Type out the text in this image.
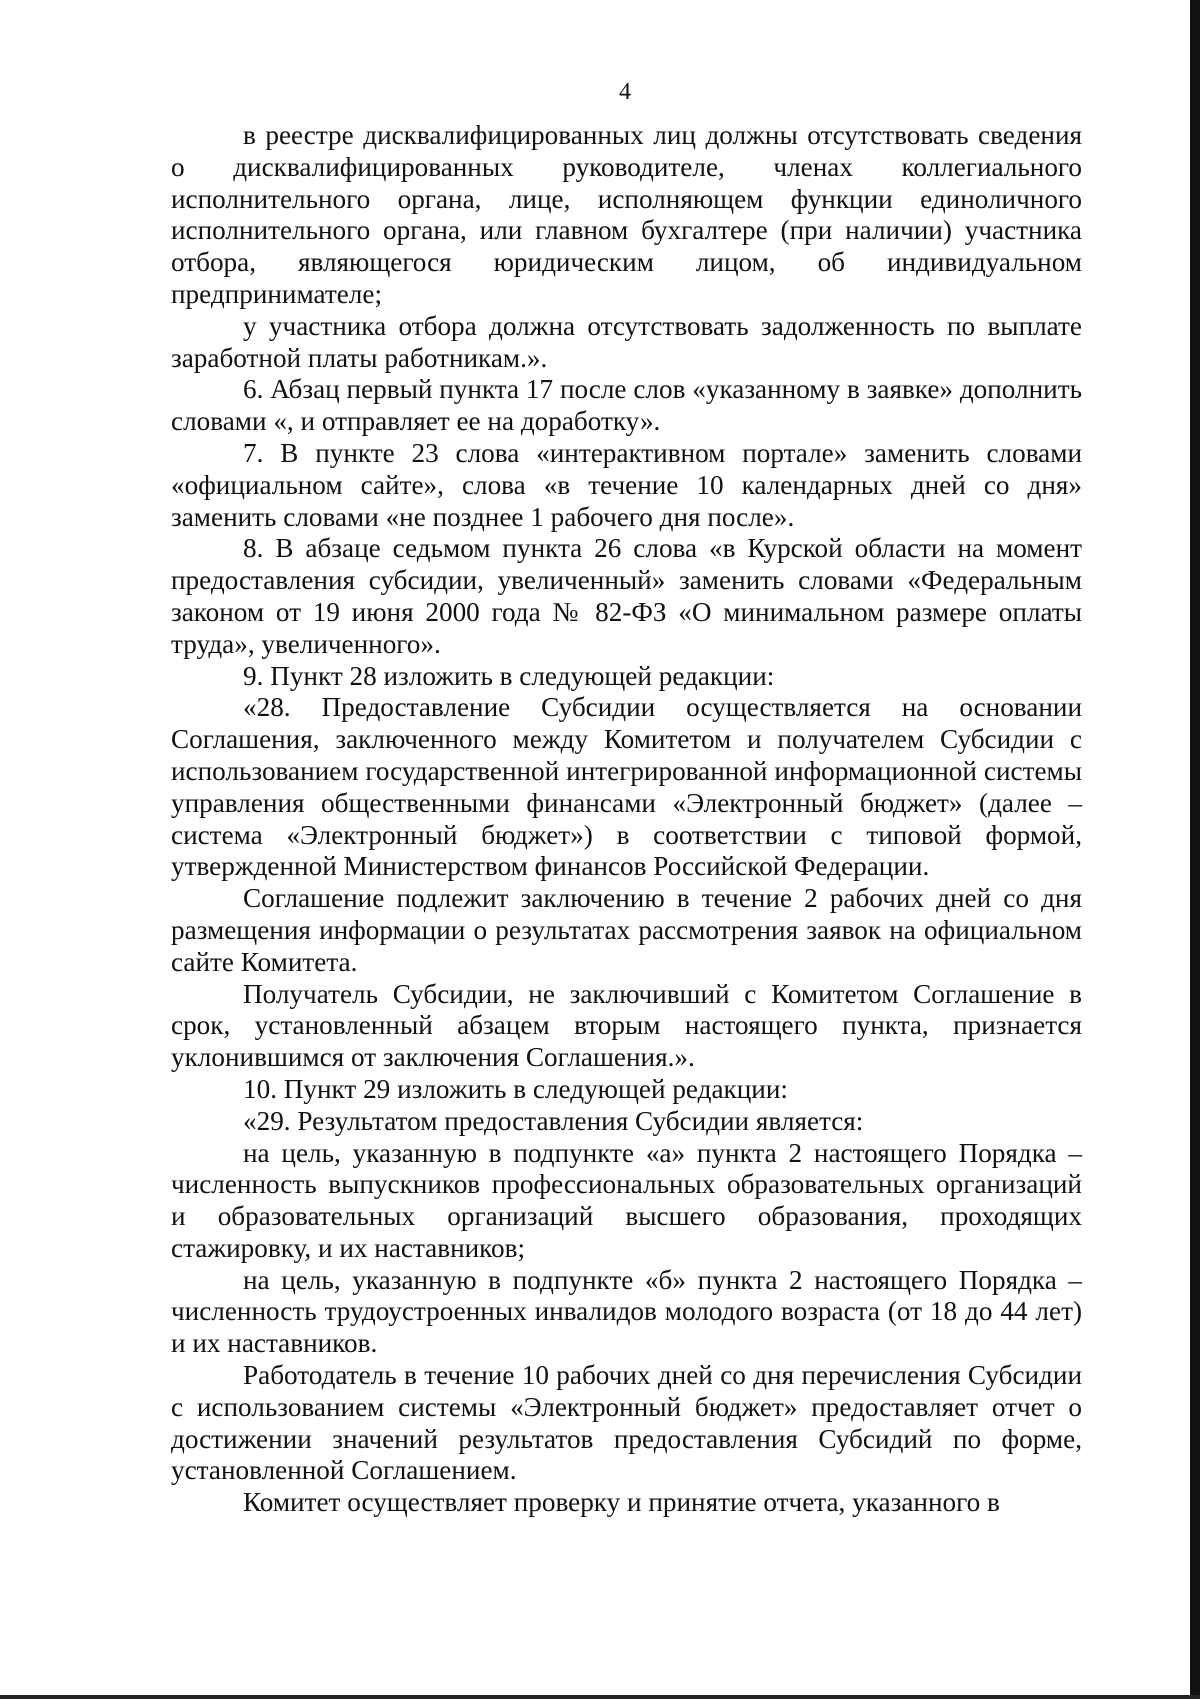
4

в реестре дисквалифицированных лиц должны отсутствовать сведения о дисквалифицированных руководителе, членах коллегиального исполнительного органа, лице, исполняющем функции единоличного исполнительного органа, или главном бухгалтере (при наличии) участника отбора, являющегося юридическим лицом, об индивидуальном предпринимателе;

у участника отбора должна отсутствовать задолженность по выплате заработной платы работникам.».

6. Абзац первый пункта 17 после слов «указанному в заявке» дополнить словами «, и отправляет ее на доработку».

7. В пункте 23 слова «интерактивном портале» заменить словами «официальном сайте», слова «в течение 10 календарных дней со дня» заменить словами «не позднее 1 рабочего дня после».

8. В абзаце седьмом пункта 26 слова «в Курской области на момент предоставления субсидии, увеличенный» заменить словами «Федеральным законом от 19 июня 2000 года № 82-ФЗ «О минимальном размере оплаты труда», увеличенного».

9. Пункт 28 изложить в следующей редакции:

«28. Предоставление Субсидии осуществляется на основании Соглашения, заключенного между Комитетом и получателем Субсидии с использованием государственной интегрированной информационной системы управления общественными финансами «Электронный бюджет» (далее – система «Электронный бюджет») в соответствии с типовой формой, утвержденной Министерством финансов Российской Федерации.

Соглашение подлежит заключению в течение 2 рабочих дней со дня размещения информации о результатах рассмотрения заявок на официальном сайте Комитета.

Получатель Субсидии, не заключивший с Комитетом Соглашение в срок, установленный абзацем вторым настоящего пункта, признается уклонившимся от заключения Соглашения.».

10. Пункт 29 изложить в следующей редакции:

«29. Результатом предоставления Субсидии является:

на цель, указанную в подпункте «а» пункта 2 настоящего Порядка – численность выпускников профессиональных образовательных организаций и образовательных организаций высшего образования, проходящих стажировку, и их наставников;

на цель, указанную в подпункте «б» пункта 2 настоящего Порядка – численность трудоустроенных инвалидов молодого возраста (от 18 до 44 лет) и их наставников.

Работодатель в течение 10 рабочих дней со дня перечисления Субсидии с использованием системы «Электронный бюджет» предоставляет отчет о достижении значений результатов предоставления Субсидий по форме, установленной Соглашением.

Комитет осуществляет проверку и принятие отчета, указанного в
